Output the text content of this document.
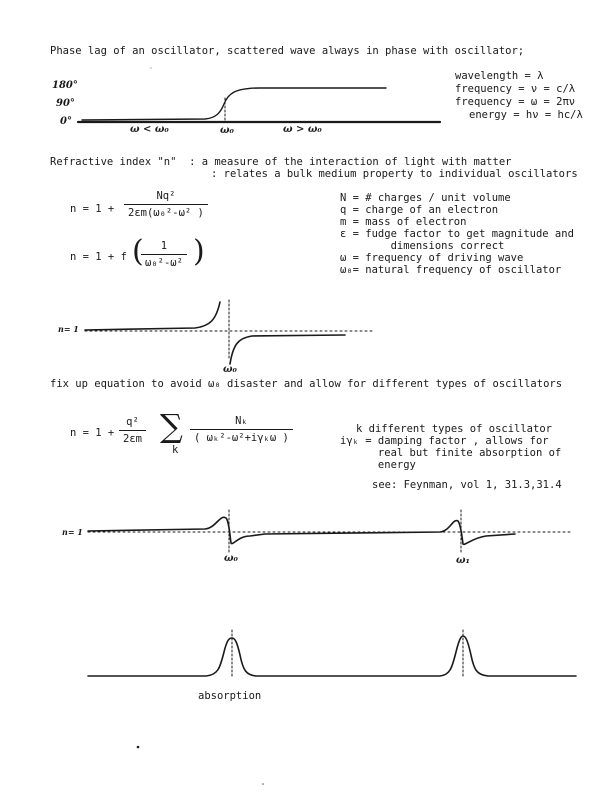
Phase lag of an oscillator, scattered wave always in phase with oscillator;
180°
90°
0°
ω < ω₀	ω₀	ω > ω₀
wavelength = λ
frequency = ν = c/λ
frequency = ω = 2πν
energy = hν = hc/λ
Refractive index "n"  : a measure of the interaction of light with matter
: relates a bulk medium property to individual oscillators
$n = 1 + \frac{\text{Nq²}}{\text{2εm(ω₀²-ω² )}}$
n = 1 + f (
$\frac{1}{\text{ω₀²-ω²}}$ )
N = # charges / unit volume
q = charge of an electron
m = mass of electron
ε = fudge factor to get magnitude and
dimensions correct
ω = frequency of driving wave
ω₀= natural frequency of oscillator
n= 1
ω₀
fix up equation to avoid ω₀ disaster and allow for different types of oscillators
$n = 1 + \frac{\text{q²}}{2\varepsilon m}$ ∑
k
Nₖ
( ωₖ²-ω²+iγₖω )
k different types of oscillator
iγₖ = damping factor , allows for
real but finite absorption of
energy
see: Feynman, vol 1, 31.3,31.4
n= 1
ω₀	ω₁
absorption
